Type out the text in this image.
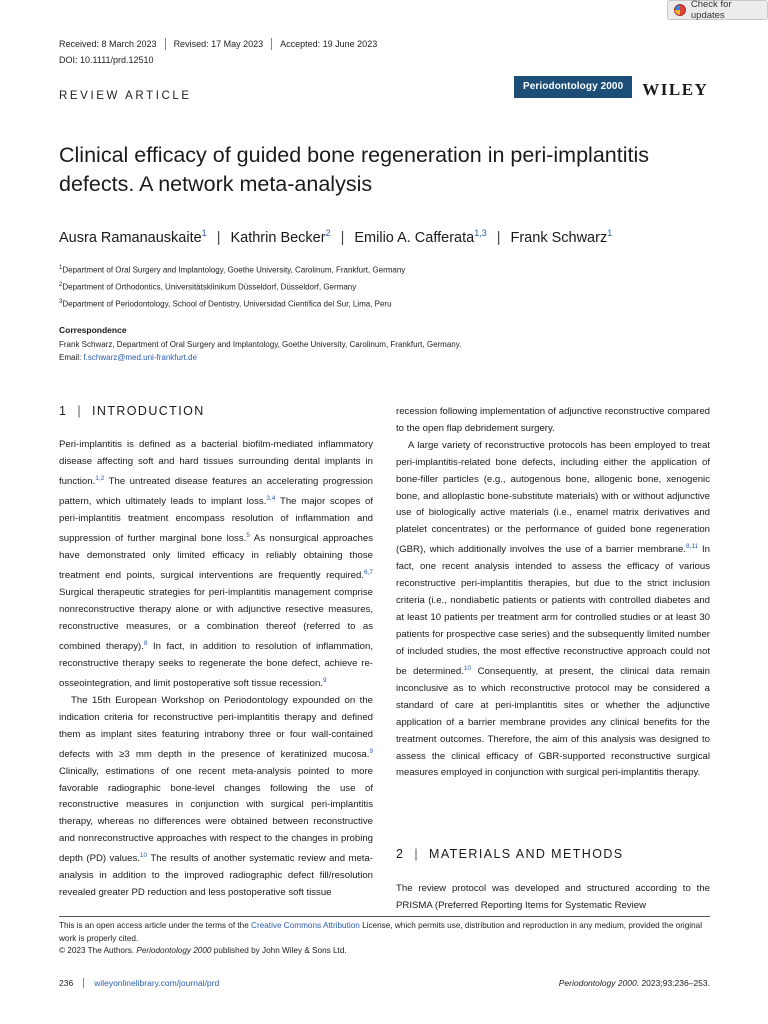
Check for updates
Received: 8 March 2023	Revised: 17 May 2023	Accepted: 19 June 2023
DOI: 10.1111/prd.12510
Periodontology 2000	WILEY
REVIEW ARTICLE
Clinical efficacy of guided bone regeneration in peri-implantitis defects. A network meta-analysis
Ausra Ramanauskaite$^1$ | Kathrin Becker$^2$ | Emilio A. Cafferata$^{1,3}$ | Frank Schwarz$^1$
$^1$Department of Oral Surgery and Implantology, Goethe University, Carolinum, Frankfurt, Germany
$^2$Department of Orthodontics, Universitätsklinikum Düsseldorf, Düsseldorf, Germany
$^3$Department of Periodontology, School of Dentistry, Universidad Científica del Sur, Lima, Peru
Correspondence
Frank Schwarz, Department of Oral Surgery and Implantology, Goethe University, Carolinum, Frankfurt, Germany.
Email: f.schwarz@med.uni-frankfurt.de
1 | INTRODUCTION

Peri-implantitis is defined as a bacterial biofilm-mediated inflammatory disease affecting soft and hard tissues surrounding dental implants in function.$^{1,2}$ The untreated disease features an accelerating progression pattern, which ultimately leads to implant loss.$^{3,4}$ The major scopes of peri-implantitis treatment encompass resolution of inflammation and suppression of further marginal bone loss.$^5$ As nonsurgical approaches have demonstrated only limited efficacy in reliably obtaining those treatment end points, surgical interventions are frequently required.$^{6,7}$ Surgical therapeutic strategies for peri-implantitis management comprise nonreconstructive therapy alone or with adjunctive resective measures, reconstructive measures, or a combination thereof (referred to as combined therapy).$^8$ In fact, in addition to resolution of inflammation, reconstructive therapy seeks to regenerate the bone defect, achieve re-osseointegration, and limit postoperative soft tissue recession.$^9$

The 15th European Workshop on Periodontology expounded on the indication criteria for reconstructive peri-implantitis therapy and defined them as implant sites featuring intrabony three or four wall-contained defects with ≥3 mm depth in the presence of keratinized mucosa.$^9$ Clinically, estimations of one recent meta-analysis pointed to more favorable radiographic bone-level changes following the use of reconstructive measures in conjunction with surgical peri-implantitis therapy, whereas no differences were obtained between reconstructive and nonreconstructive approaches with respect to the changes in probing depth (PD) values.$^{10}$ The results of another systematic review and meta-analysis in addition to the improved radiographic defect fill/resolution revealed greater PD reduction and less postoperative soft tissue

recession following implementation of adjunctive reconstructive compared to the open flap debridement surgery.

A large variety of reconstructive protocols has been employed to treat peri-implantitis-related bone defects, including either the application of bone-filler particles (e.g., autogenous bone, allogenic bone, xenogenic bone, and alloplastic bone-substitute materials) with or without adjunctive use of biologically active materials (i.e., enamel matrix derivatives and platelet concentrates) or the performance of guided bone regeneration (GBR), which additionally involves the use of a barrier membrane.$^{8,11}$ In fact, one recent analysis intended to assess the efficacy of various reconstructive peri-implantitis therapies, but due to the strict inclusion criteria (i.e., nondiabetic patients or patients with controlled diabetes and at least 10 patients per treatment arm for controlled studies or at least 30 patients for prospective case series) and the subsequently limited number of included studies, the most effective reconstructive approach could not be determined.$^{10}$ Consequently, at present, the clinical data remain inconclusive as to which reconstructive protocol may be considered a standard of care at peri-implantitis sites or whether the adjunctive application of a barrier membrane provides any clinical benefits for the treatment outcomes. Therefore, the aim of this analysis was designed to assess the clinical efficacy of GBR-supported reconstructive surgical measures employed in conjunction with surgical peri-implantitis therapy.

2 | MATERIALS AND METHODS

The review protocol was developed and structured according to the PRISMA (Preferred Reporting Items for Systematic Review

This is an open access article under the terms of the Creative Commons Attribution License, which permits use, distribution and reproduction in any medium, provided the original work is properly cited.
© 2023 The Authors. Periodontology 2000 published by John Wiley & Sons Ltd.
236	wileyonlinelibrary.com/journal/prd	Periodontology 2000. 2023;93:236–253.
